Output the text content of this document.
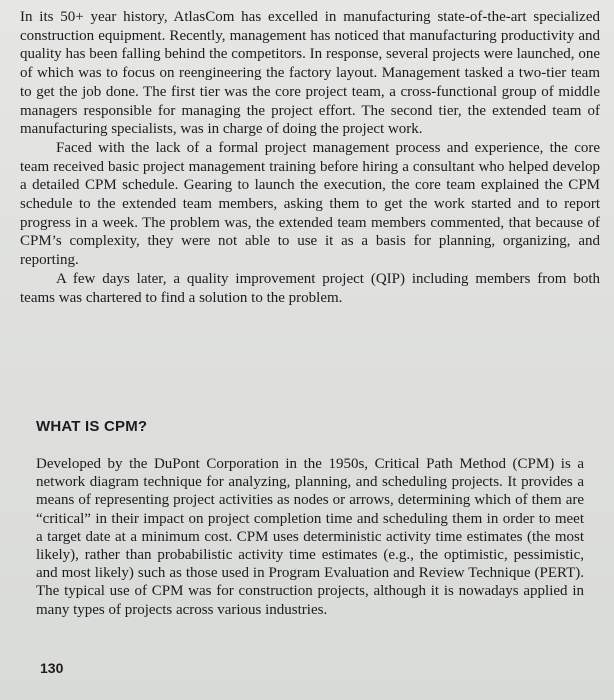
In its 50+ year history, AtlasCom has excelled in manufacturing state-of-the-art specialized construction equipment. Recently, management has noticed that manufacturing productivity and quality has been falling behind the competitors. In response, several projects were launched, one of which was to focus on reengineering the factory layout. Management tasked a two-tier team to get the job done. The first tier was the core project team, a cross-functional group of middle managers responsible for managing the project effort. The second tier, the extended team of manufacturing specialists, was in charge of doing the project work.

Faced with the lack of a formal project management process and experience, the core team received basic project management training before hiring a consultant who helped develop a detailed CPM schedule. Gearing to launch the execution, the core team explained the CPM schedule to the extended team members, asking them to get the work started and to report progress in a week. The problem was, the extended team members commented, that because of CPM’s complexity, they were not able to use it as a basis for planning, organizing, and reporting.

A few days later, a quality improvement project (QIP) including members from both teams was chartered to find a solution to the problem.

WHAT IS CPM?

Developed by the DuPont Corporation in the 1950s, Critical Path Method (CPM) is a network diagram technique for analyzing, planning, and scheduling projects. It provides a means of representing project activities as nodes or arrows, determining which of them are “critical” in their impact on project completion time and scheduling them in order to meet a target date at a minimum cost. CPM uses deterministic activity time estimates (the most likely), rather than probabilistic activity time estimates (e.g., the optimistic, pessimistic, and most likely) such as those used in Program Evaluation and Review Technique (PERT). The typical use of CPM was for construction projects, although it is nowadays applied in many types of projects across various industries.

130
